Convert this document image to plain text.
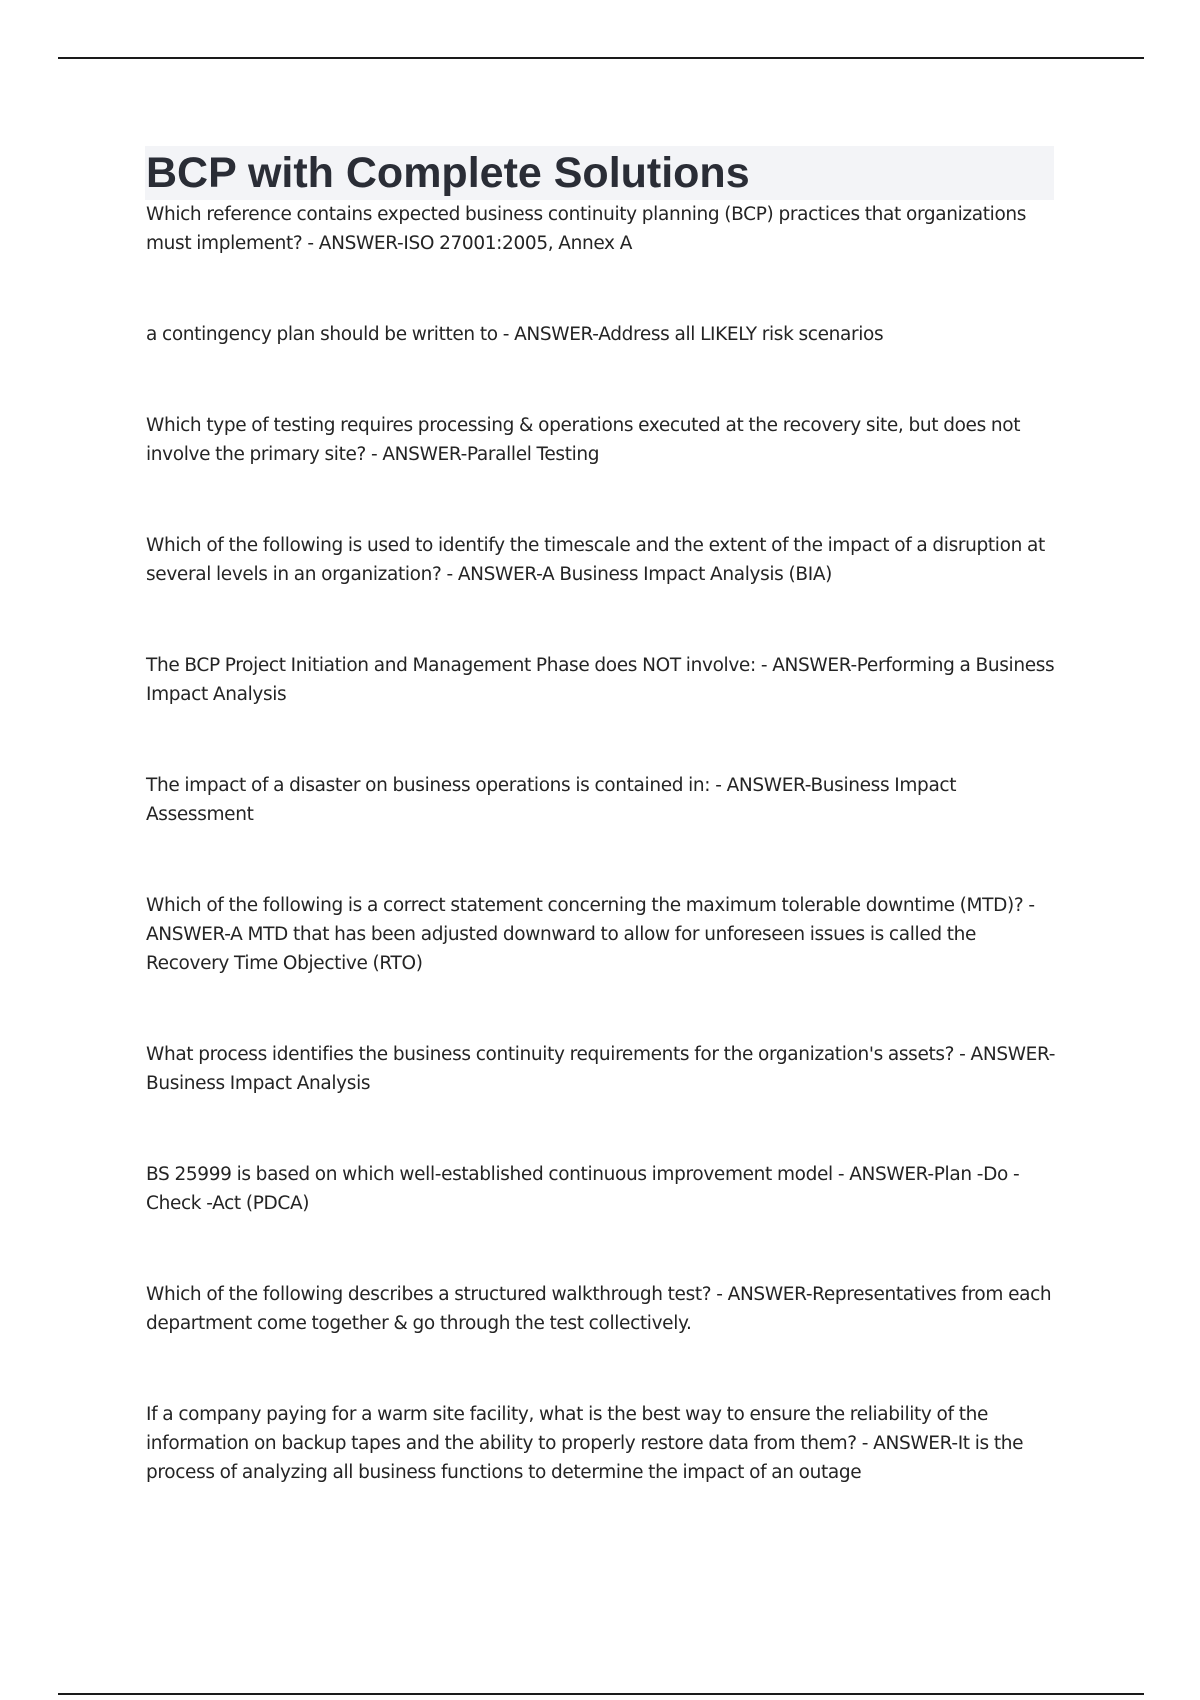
BCP with Complete Solutions

Which reference contains expected business continuity planning (BCP) practices that organizations must implement? - ANSWER-ISO 27001:2005, Annex A

a contingency plan should be written to - ANSWER-Address all LIKELY risk scenarios

Which type of testing requires processing & operations executed at the recovery site, but does not involve the primary site? - ANSWER-Parallel Testing

Which of the following is used to identify the timescale and the extent of the impact of a disruption at several levels in an organization? - ANSWER-A Business Impact Analysis (BIA)

The BCP Project Initiation and Management Phase does NOT involve: - ANSWER-Performing a Business Impact Analysis

The impact of a disaster on business operations is contained in: - ANSWER-Business Impact Assessment

Which of the following is a correct statement concerning the maximum tolerable downtime (MTD)? - ANSWER-A MTD that has been adjusted downward to allow for unforeseen issues is called the Recovery Time Objective (RTO)

What process identifies the business continuity requirements for the organization's assets? - ANSWER-Business Impact Analysis

BS 25999 is based on which well-established continuous improvement model - ANSWER-Plan -Do -Check -Act (PDCA)

Which of the following describes a structured walkthrough test? - ANSWER-Representatives from each department come together & go through the test collectively.

If a company paying for a warm site facility, what is the best way to ensure the reliability of the information on backup tapes and the ability to properly restore data from them? - ANSWER-It is the process of analyzing all business functions to determine the impact of an outage
